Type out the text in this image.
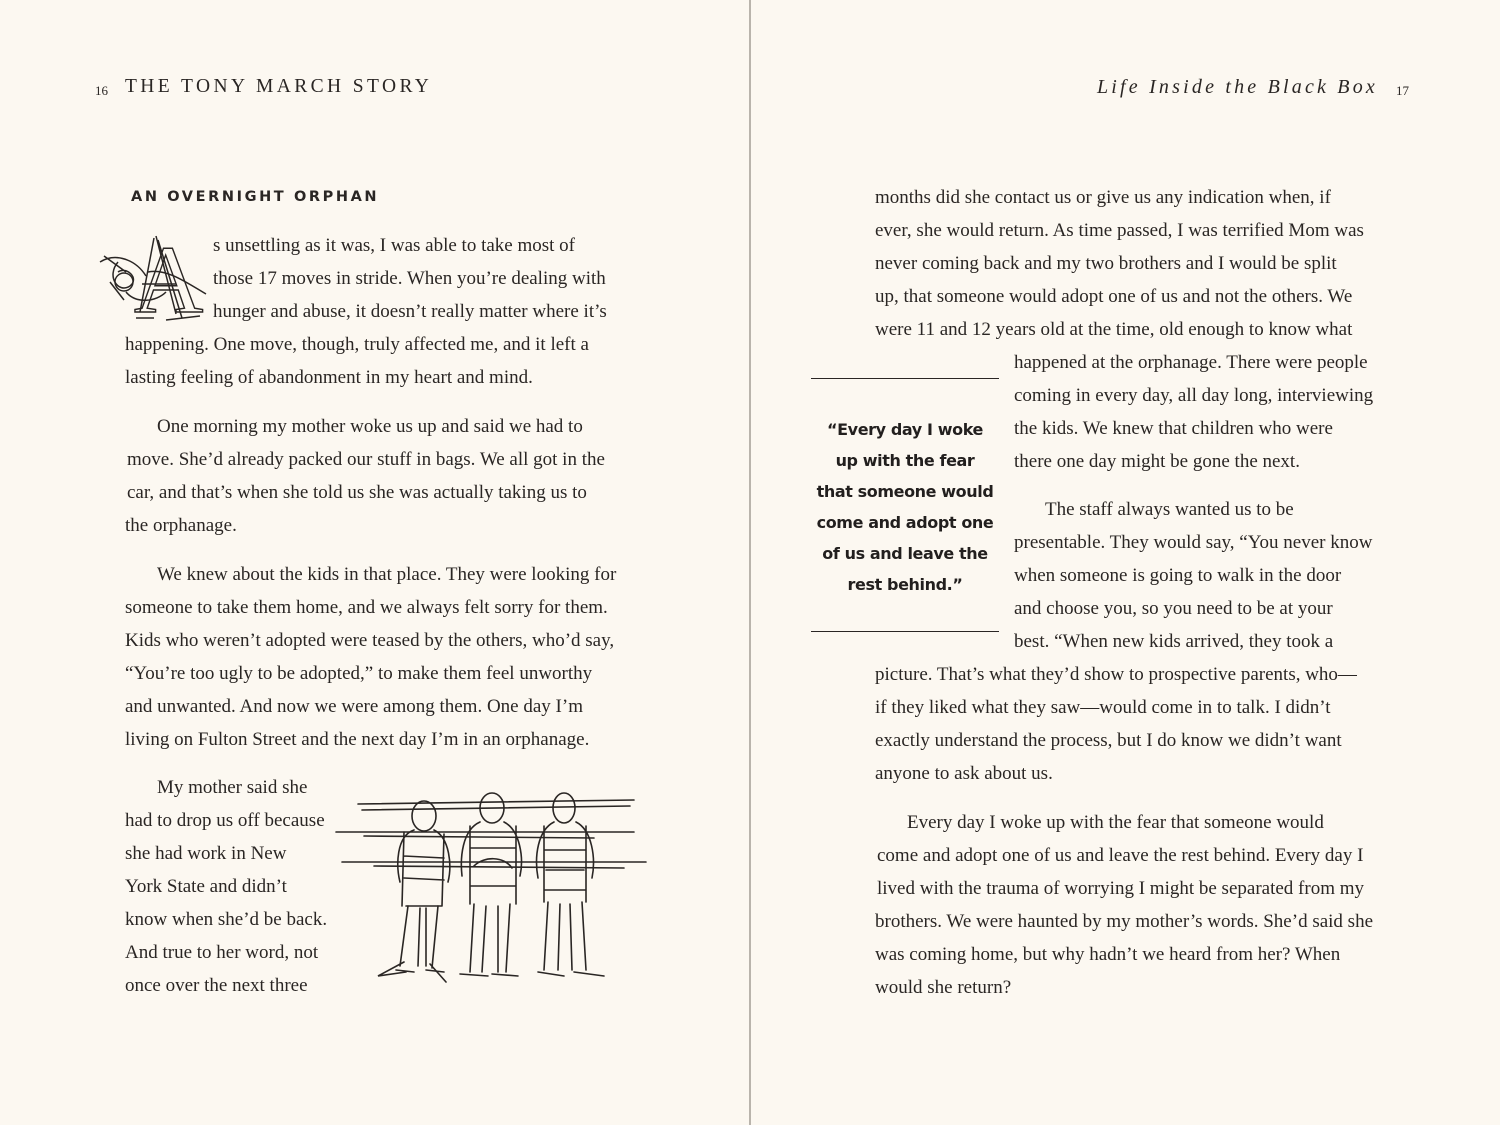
16 THE TONY MARCH STORY	Life Inside the Black Box 17
AN OVERNIGHT ORPHAN
A s unsettling as it was, I was able to take most of
those 17 moves in stride. When you’re dealing with
hunger and abuse, it doesn’t really matter where it’s
happening. One move, though, truly affected me, and it left a
lasting feeling of abandonment in my heart and mind.
One morning my mother woke us up and said we had to
move. She’d already packed our stuff in bags. We all got in the
car, and that’s when she told us she was actually taking us to
the orphanage.
We knew about the kids in that place. They were looking for
someone to take them home, and we always felt sorry for them.
Kids who weren’t adopted were teased by the others, who’d say,
“You’re too ugly to be adopted,” to make them feel unworthy
and unwanted. And now we were among them. One day I’m
living on Fulton Street and the next day I’m in an orphanage.
My mother said she
had to drop us off because
she had work in New
York State and didn’t
know when she’d be back.
And true to her word, not
once over the next three
“Every day I woke
up with the fear
that someone would
come and adopt one
of us and leave the
rest behind.”
months did she contact us or give us any indication when, if
ever, she would return. As time passed, I was terrified Mom was
never coming back and my two brothers and I would be split
up, that someone would adopt one of us and not the others. We
were 11 and 12 years old at the time, old enough to know what
happened at the orphanage. There were people
coming in every day, all day long, interviewing
the kids. We knew that children who were
there one day might be gone the next.
The staff always wanted us to be
presentable. They would say, “You never know
when someone is going to walk in the door
and choose you, so you need to be at your
best. “When new kids arrived, they took a
picture. That’s what they’d show to prospective parents, who—
if they liked what they saw—would come in to talk. I didn’t
exactly understand the process, but I do know we didn’t want
anyone to ask about us.
Every day I woke up with the fear that someone would
come and adopt one of us and leave the rest behind. Every day I
lived with the trauma of worrying I might be separated from my
brothers. We were haunted by my mother’s words. She’d said she
was coming home, but why hadn’t we heard from her? When
would she return?
